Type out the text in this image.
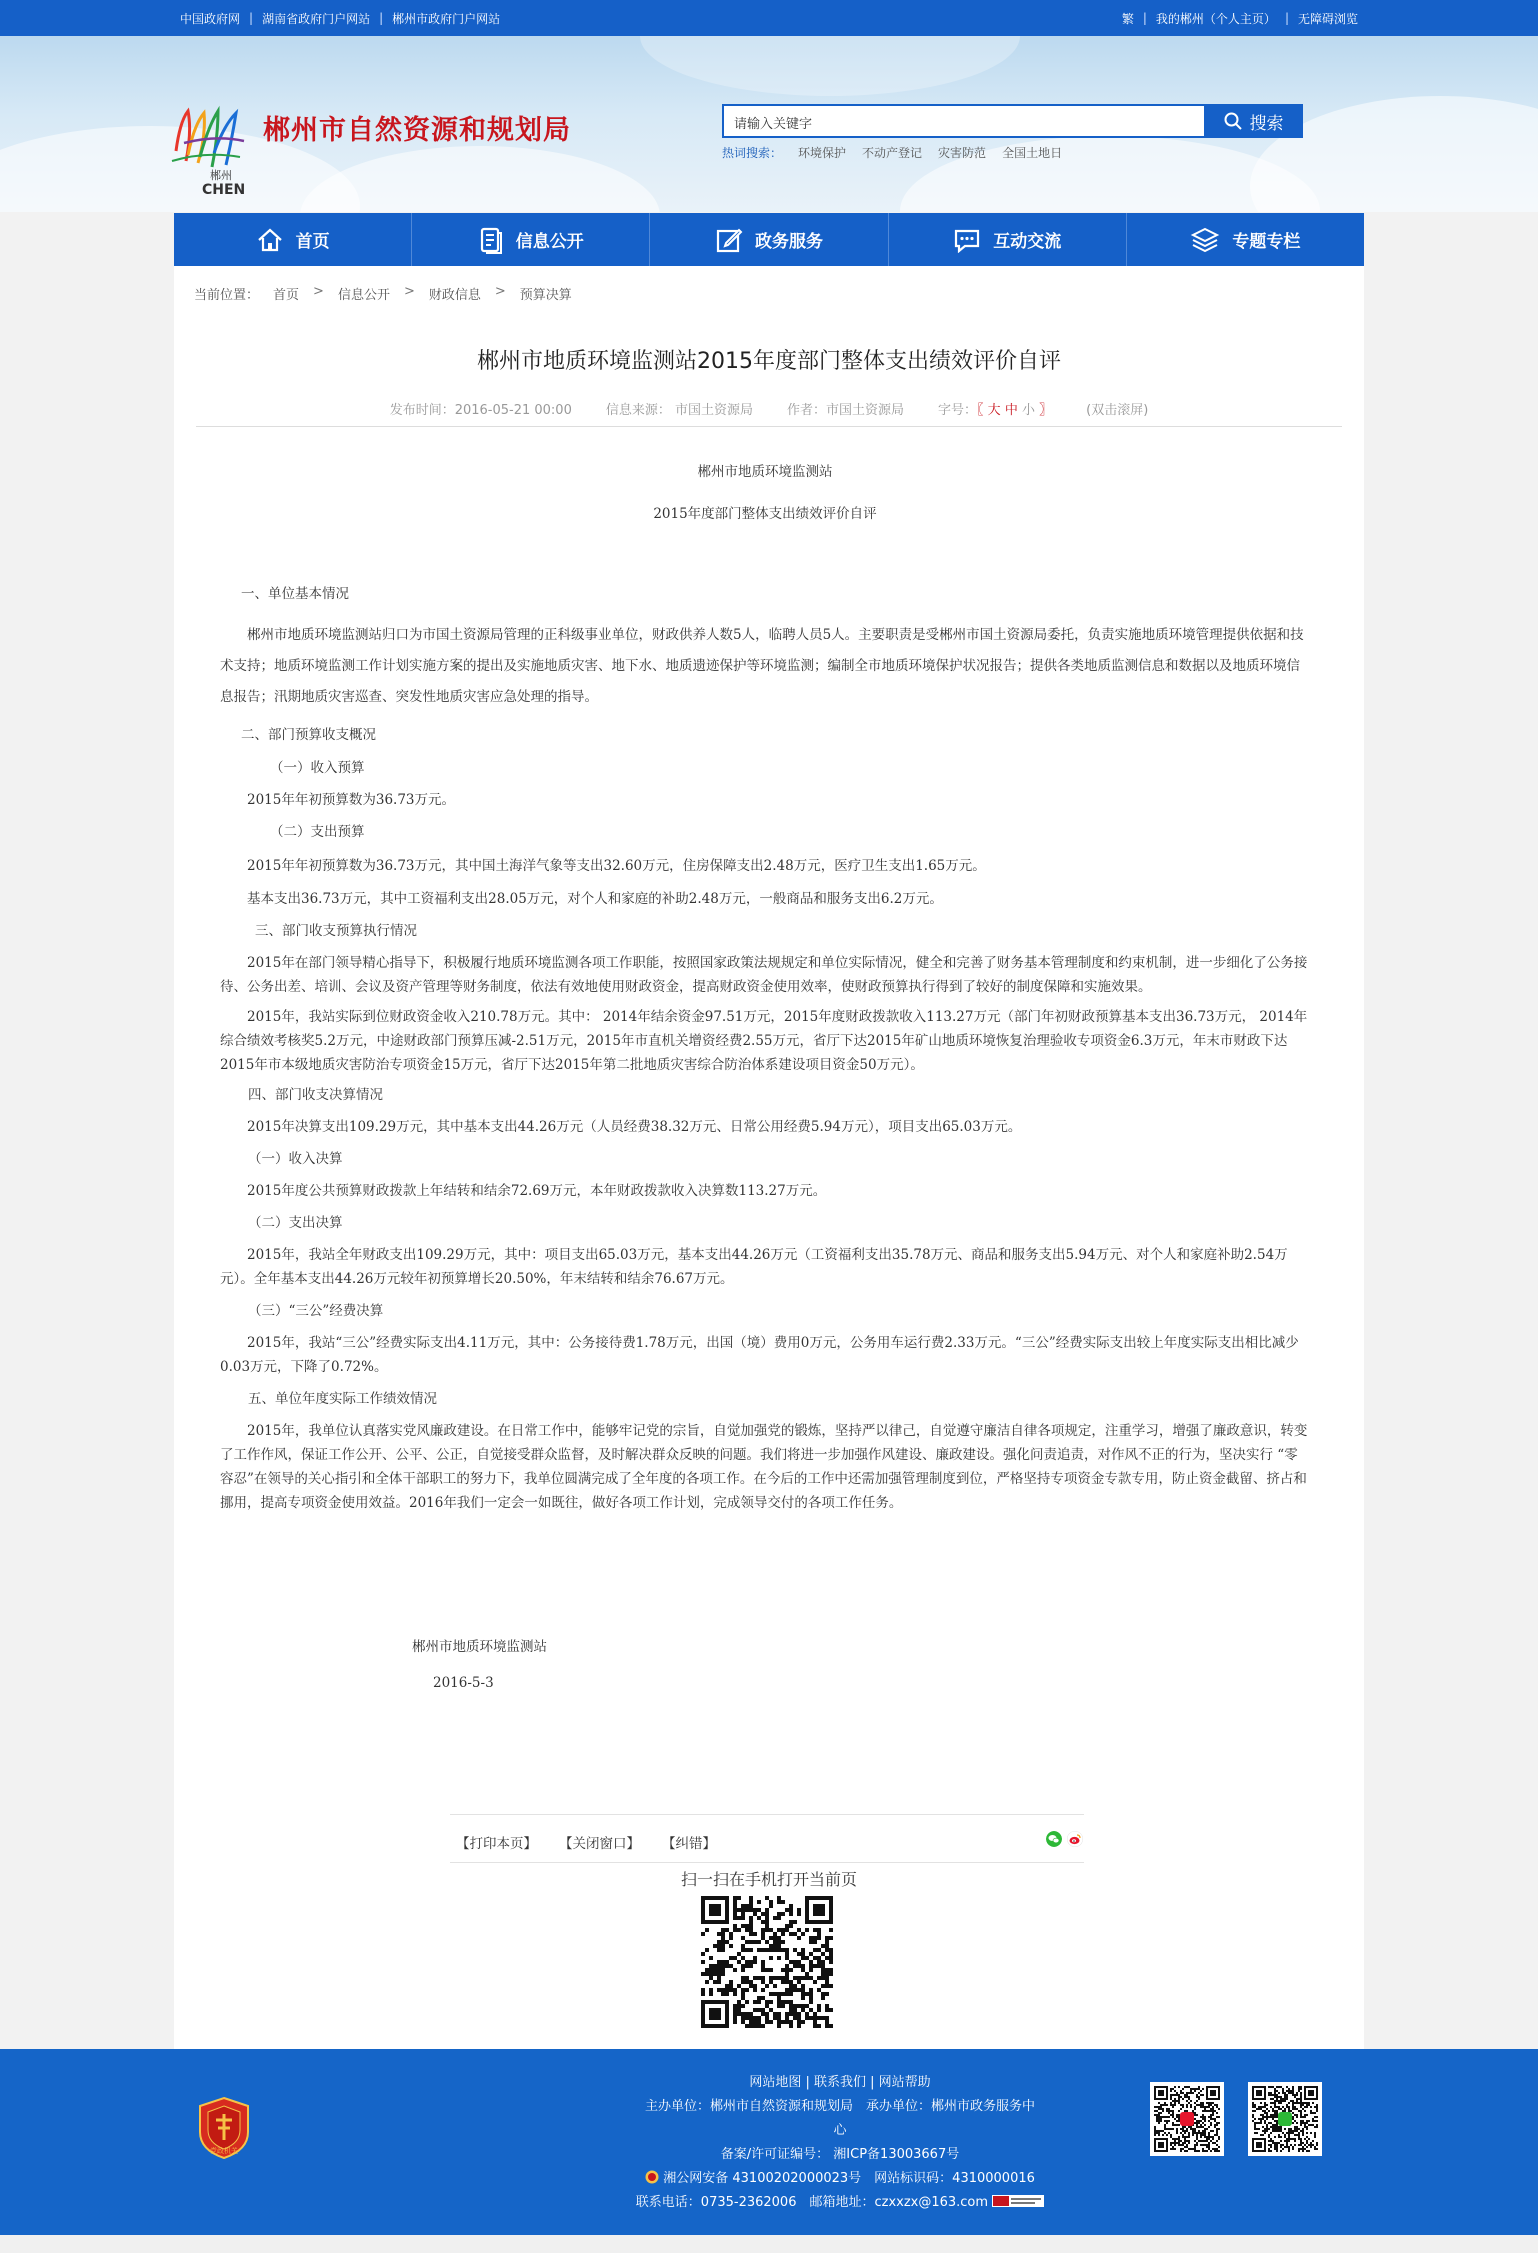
中国政府网 | 湖南省政府门户网站 | 郴州市政府门户网站	繁 | 我的郴州（个人主页） | 无障碍浏览
郴州
CHEN
郴州市自然资源和规划局	请输入关键字	搜索
热词搜索： 环境保护 不动产登记 灾害防范 全国土地日
首页	信息公开	政务服务	互动交流	专题专栏
当前位置： 首页 > 信息公开 > 财政信息 > 预算决算
郴州市地质环境监测站2015年度部门整体支出绩效评价自评
发布时间：2016-05-21 00:00	信息来源： 市国土资源局	作者：市国土资源局	字号：〖 大 中 小 〗	(双击滚屏)
郴州市地质环境监测站
2015年度部门整体支出绩效评价自评
一、单位基本情况
郴州市地质环境监测站归口为市国土资源局管理的正科级事业单位，财政供养人数5人，临聘人员5人。主要职责是受郴州市国土资源局委托，负责实施地质环境管理提供依据和技术支持；地质环境监测工作计划实施方案的提出及实施地质灾害、地下水、地质遗迹保护等环境监测；编制全市地质环境保护状况报告；提供各类地质监测信息和数据以及地质环境信息报告；汛期地质灾害巡查、突发性地质灾害应急处理的指导。
二、部门预算收支概况
（一）收入预算
2015年年初预算数为36.73万元。
（二）支出预算
2015年年初预算数为36.73万元，其中国土海洋气象等支出32.60万元，住房保障支出2.48万元，医疗卫生支出1.65万元。
基本支出36.73万元，其中工资福利支出28.05万元，对个人和家庭的补助2.48万元，一般商品和服务支出6.2万元。
三、部门收支预算执行情况
2015年在部门领导精心指导下，积极履行地质环境监测各项工作职能，按照国家政策法规规定和单位实际情况，健全和完善了财务基本管理制度和约束机制，进一步细化了公务接待、公务出差、培训、会议及资产管理等财务制度，依法有效地使用财政资金，提高财政资金使用效率，使财政预算执行得到了较好的制度保障和实施效果。
2015年，我站实际到位财政资金收入210.78万元。其中： 2014年结余资金97.51万元，2015年度财政拨款收入113.27万元（部门年初财政预算基本支出36.73万元， 2014年综合绩效考核奖5.2万元，中途财政部门预算压减-2.51万元，2015年市直机关增资经费2.55万元，省厅下达2015年矿山地质环境恢复治理验收专项资金6.3万元，年末市财政下达2015年市本级地质灾害防治专项资金15万元，省厅下达2015年第二批地质灾害综合防治体系建设项目资金50万元）。
四、部门收支决算情况
2015年决算支出109.29万元，其中基本支出44.26万元（人员经费38.32万元、日常公用经费5.94万元），项目支出65.03万元。
（一）收入决算
2015年度公共预算财政拨款上年结转和结余72.69万元，本年财政拨款收入决算数113.27万元。
（二）支出决算
2015年，我站全年财政支出109.29万元，其中：项目支出65.03万元，基本支出44.26万元（工资福利支出35.78万元、商品和服务支出5.94万元、对个人和家庭补助2.54万元）。全年基本支出44.26万元较年初预算增长20.50%，年末结转和结余76.67万元。
（三）“三公”经费决算
2015年，我站“三公”经费实际支出4.11万元，其中：公务接待费1.78万元，出国（境）费用0万元，公务用车运行费2.33万元。“三公”经费实际支出较上年度实际支出相比减少0.03万元，下降了0.72%。
五、单位年度实际工作绩效情况
2015年，我单位认真落实党风廉政建设。在日常工作中，能够牢记党的宗旨，自觉加强党的锻炼，坚持严以律己，自觉遵守廉洁自律各项规定，注重学习，增强了廉政意识，转变了工作作风，保证工作公开、公平、公正，自觉接受群众监督，及时解决群众反映的问题。我们将进一步加强作风建设、廉政建设。强化问责追责，对作风不正的行为，坚决实行 “零容忍”在领导的关心指引和全体干部职工的努力下，我单位圆满完成了全年度的各项工作。在今后的工作中还需加强管理制度到位，严格坚持专项资金专款专用，防止资金截留、挤占和挪用，提高专项资金使用效益。2016年我们一定会一如既往，做好各项工作计划，完成领导交付的各项工作任务。
郴州市地质环境监测站
2016-5-3
【打印本页】 【关闭窗口】 【纠错】
扫一扫在手机打开当前页
党政机关
网站地图 | 联系我们 | 网站帮助
主办单位：郴州市自然资源和规划局　承办单位：郴州市政务服务中
心
备案/许可证编号： 湘ICP备13003667号
湘公网安备 43100202000023号　网站标识码：4310000016
联系电话：0735-2362006　邮箱地址：czxxzx@163.com
